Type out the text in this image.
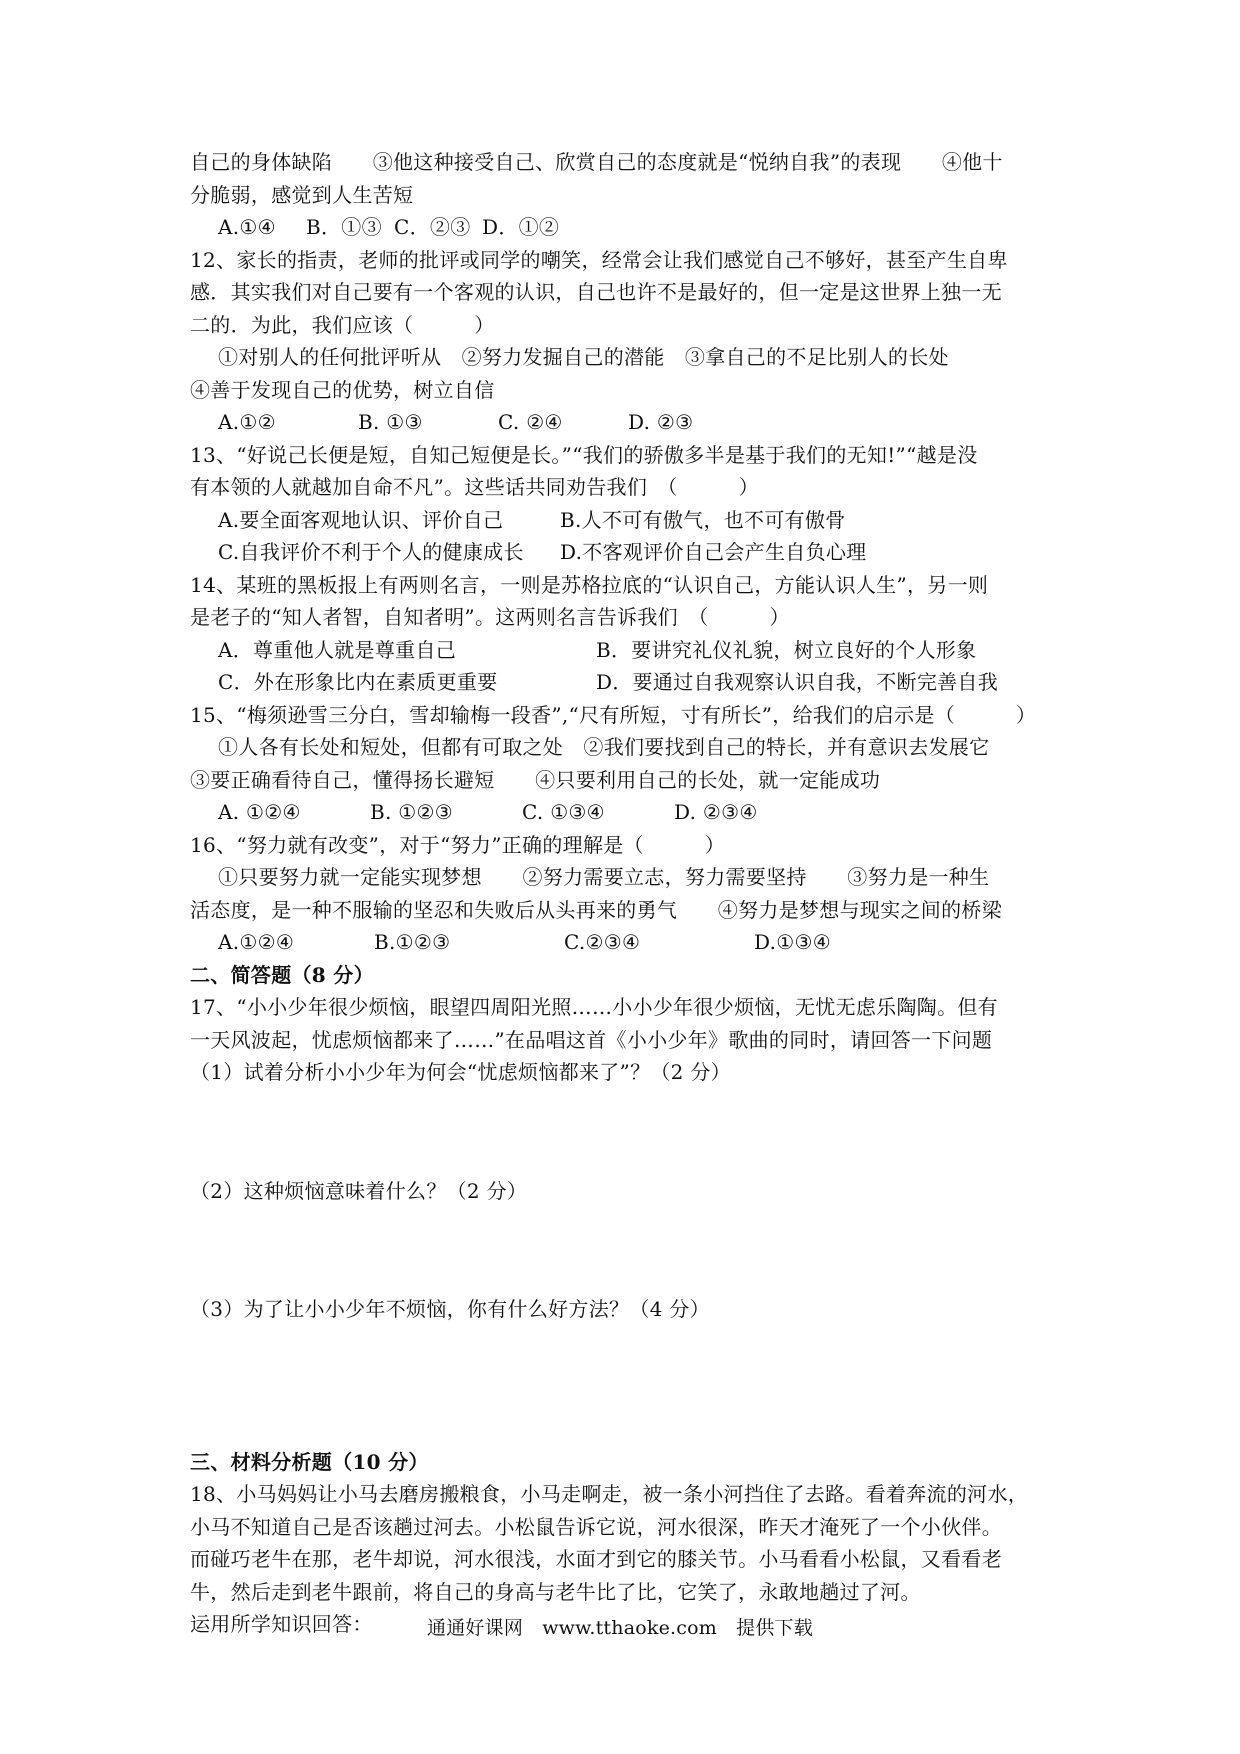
自己的身体缺陷　　③他这种接受自己、欣赏自己的态度就是“悦纳自我”的表现　　④他十
分脆弱，感觉到人生苦短
A.①④	B．①③ C．②③ D．①②
12、家长的指责，老师的批评或同学的嘲笑，经常会让我们感觉自己不够好，甚至产生自卑
感．其实我们对自己要有一个客观的认识，自己也许不是最好的，但一定是这世界上独一无
二的．为此，我们应该（　　　）
①对别人的任何批评听从　②努力发掘自己的潜能　③拿自己的不足比别人的长处
④善于发现自己的优势，树立自信
A.①②	B. ①③	C. ②④	D. ②③
13、“好说己长便是短，自知己短便是长。”“我们的骄傲多半是基于我们的无知!”“越是没
有本领的人就越加自命不凡”。这些话共同劝告我们　（　　　）
A.要全面客观地认识、评价自己	B.人不可有傲气，也不可有傲骨
C.自我评价不利于个人的健康成长	D.不客观评价自己会产生自负心理
14、某班的黑板报上有两则名言，一则是苏格拉底的“认识自己，方能认识人生”，另一则
是老子的“知人者智，自知者明”。这两则名言告诉我们　（　　　）
A．尊重他人就是尊重自己	B．要讲究礼仪礼貌，树立良好的个人形象
C．外在形象比内在素质更重要	D．要通过自我观察认识自我，不断完善自我
15、“梅须逊雪三分白，雪却输梅一段香”,“尺有所短，寸有所长”，给我们的启示是（　　　）
①人各有长处和短处，但都有可取之处　②我们要找到自己的特长，并有意识去发展它
③要正确看待自己，懂得扬长避短　　④只要利用自己的长处，就一定能成功
A. ①②④	B. ①②③	C. ①③④	D. ②③④
16、“努力就有改变”，对于“努力”正确的理解是（　　　）
①只要努力就一定能实现梦想　　②努力需要立志，努力需要坚持　　③努力是一种生
活态度，是一种不服输的坚忍和失败后从头再来的勇气　　④努力是梦想与现实之间的桥梁
A.①②④	B.①②③	C.②③④	D.①③④
二、简答题（8 分）
17、“小小少年很少烦恼，眼望四周阳光照……小小少年很少烦恼，无忧无虑乐陶陶。但有
一天风波起，忧虑烦恼都来了……”在品唱这首《小小少年》歌曲的同时，请回答一下问题
（1）试着分析小小少年为何会“忧虑烦恼都来了”？（2 分）
（2）这种烦恼意味着什么？（2 分）
（3）为了让小小少年不烦恼，你有什么好方法？（4 分）
三、材料分析题（10 分）
18、小马妈妈让小马去磨房搬粮食，小马走啊走，被一条小河挡住了去路。看着奔流的河水，
小马不知道自己是否该趟过河去。小松鼠告诉它说，河水很深，昨天才淹死了一个小伙伴。
而碰巧老牛在那，老牛却说，河水很浅，水面才到它的膝关节。小马看看小松鼠，又看看老
牛，然后走到老牛跟前，将自己的身高与老牛比了比，它笑了，永敢地趟过了河。
运用所学知识回答：	通通好课网　www.tthaoke.com　提供下载
